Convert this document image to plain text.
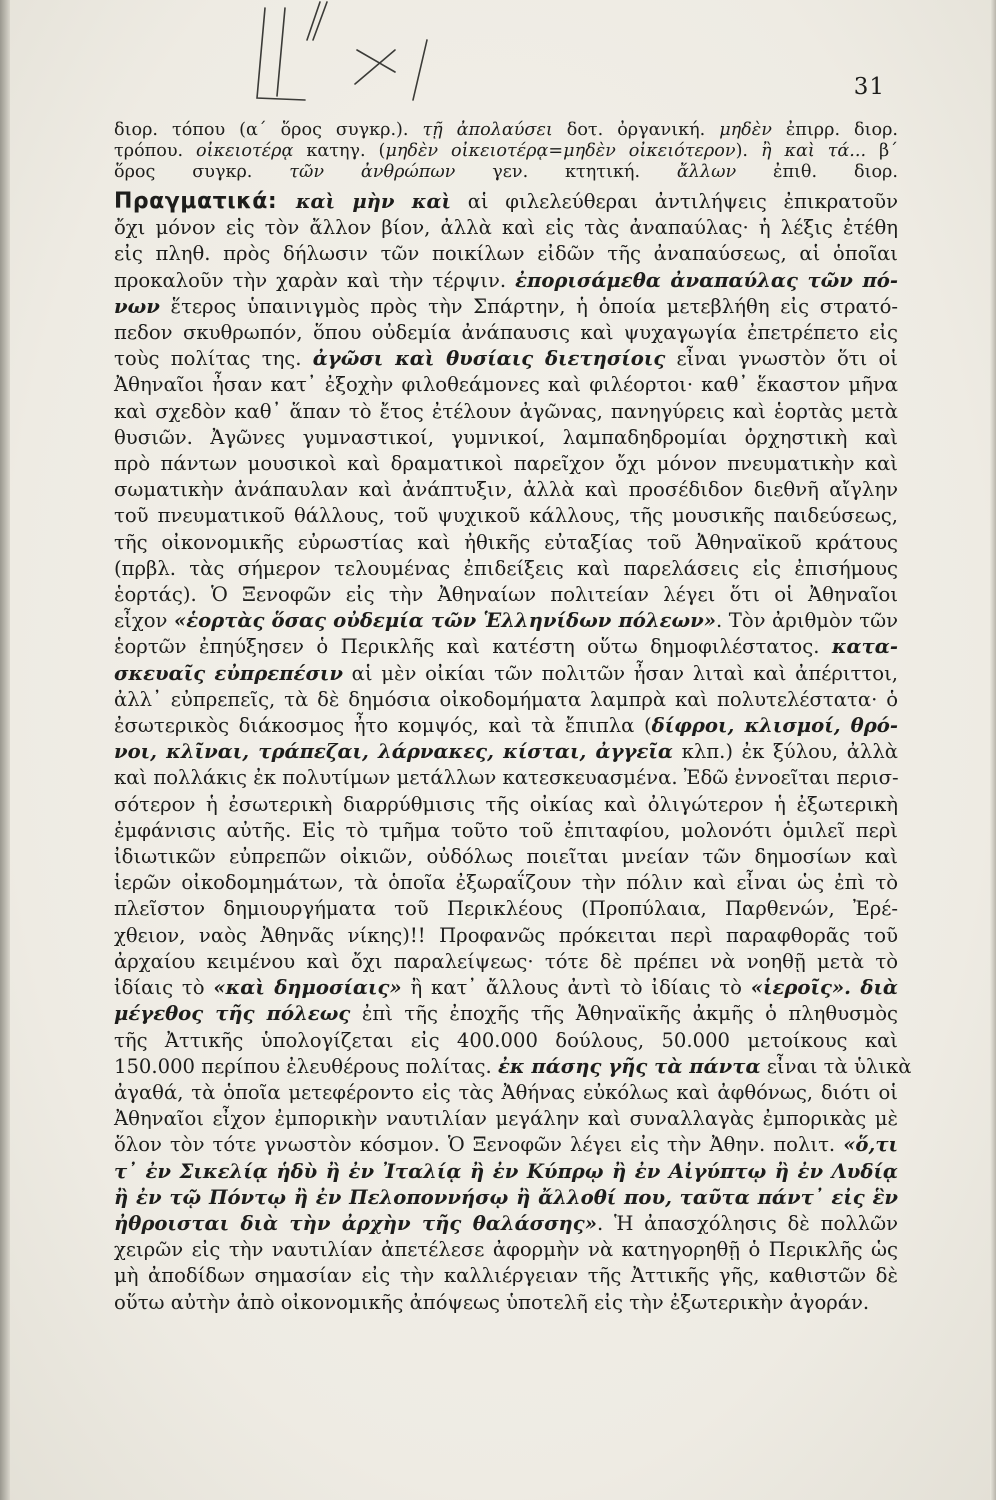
31
διορ. τόπου (α΄ ὅρος συγκρ.). τῇ ἀπολαύσει δοτ. ὀργανική. μηδὲν ἐπιρρ. διορ.
τρόπου. οἰκειοτέρᾳ κατηγ. (μηδὲν οἰκειοτέρᾳ=μηδὲν οἰκειότερον). ἢ καὶ τά... β΄
ὅρος συγκρ. τῶν ἀνθρώπων γεν. κτητική. ἄλλων ἐπιθ. διορ.
Πραγματικά: καὶ μὴν καὶ αἱ φιλελεύθεραι ἀντιλήψεις ἐπικρατοῦν
ὄχι μόνον εἰς τὸν ἄλλον βίον, ἀλλὰ καὶ εἰς τὰς ἀναπαύλας· ἡ λέξις ἐτέθη
εἰς πληθ. πρὸς δήλωσιν τῶν ποικίλων εἰδῶν τῆς ἀναπαύσεως, αἱ ὁποῖαι
προκαλοῦν τὴν χαρὰν καὶ τὴν τέρψιν. ἐπορισάμεθα ἀναπαύλας τῶν πό-
νων ἕτερος ὑπαινιγμὸς πρὸς τὴν Σπάρτην, ἡ ὁποία μετεβλήθη εἰς στρατό-
πεδον σκυθρωπόν, ὅπου οὐδεμία ἀνάπαυσις καὶ ψυχαγωγία ἐπετρέπετο εἰς
τοὺς πολίτας της. ἀγῶσι καὶ θυσίαις διετησίοις εἶναι γνωστὸν ὅτι οἱ
Ἀθηναῖοι ἦσαν κατ᾽ ἐξοχὴν φιλοθεάμονες καὶ φιλέορτοι· καθ᾽ ἕκαστον μῆνα
καὶ σχεδὸν καθ᾽ ἅπαν τὸ ἔτος ἐτέλουν ἀγῶνας, πανηγύρεις καὶ ἑορτὰς μετὰ
θυσιῶν. Ἀγῶνες γυμναστικοί, γυμνικοί, λαμπαδηδρομίαι ὀρχηστικὴ καὶ
πρὸ πάντων μουσικοὶ καὶ δραματικοὶ παρεῖχον ὄχι μόνον πνευματικὴν καὶ
σωματικὴν ἀνάπαυλαν καὶ ἀνάπτυξιν, ἀλλὰ καὶ προσέδιδον διεθνῆ αἴγλην
τοῦ πνευματικοῦ θάλλους, τοῦ ψυχικοῦ κάλλους, τῆς μουσικῆς παιδεύσεως,
τῆς οἰκονομικῆς εὐρωστίας καὶ ἠθικῆς εὐταξίας τοῦ Ἀθηναϊκοῦ κράτους
(πρβλ. τὰς σήμερον τελουμένας ἐπιδείξεις καὶ παρελάσεις εἰς ἐπισήμους
ἑορτάς). Ὁ Ξενοφῶν εἰς τὴν Ἀθηναίων πολιτείαν λέγει ὅτι οἱ Ἀθηναῖοι
εἶχον «ἑορτὰς ὅσας οὐδεμία τῶν Ἑλληνίδων πόλεων». Τὸν ἀριθμὸν τῶν
ἑορτῶν ἐπηύξησεν ὁ Περικλῆς καὶ κατέστη οὕτω δημοφιλέστατος. κατα-
σκευαῖς εὐπρεπέσιν αἱ μὲν οἰκίαι τῶν πολιτῶν ἦσαν λιταὶ καὶ ἀπέριττοι,
ἀλλ᾽ εὐπρεπεῖς, τὰ δὲ δημόσια οἰκοδομήματα λαμπρὰ καὶ πολυτελέστατα· ὁ
ἐσωτερικὸς διάκοσμος ἦτο κομψός, καὶ τὰ ἔπιπλα (δίφροι, κλισμοί, θρό-
νοι, κλῖναι, τράπεζαι, λάρνακες, κίσται, ἀγγεῖα κλπ.) ἐκ ξύλου, ἀλλὰ
καὶ πολλάκις ἐκ πολυτίμων μετάλλων κατεσκευασμένα. Ἐδῶ ἐννοεῖται περισ-
σότερον ἡ ἐσωτερικὴ διαρρύθμισις τῆς οἰκίας καὶ ὀλιγώτερον ἡ ἐξωτερικὴ
ἐμφάνισις αὐτῆς. Εἰς τὸ τμῆμα τοῦτο τοῦ ἐπιταφίου, μολονότι ὁμιλεῖ περὶ
ἰδιωτικῶν εὐπρεπῶν οἰκιῶν, οὐδόλως ποιεῖται μνείαν τῶν δημοσίων καὶ
ἱερῶν οἰκοδομημάτων, τὰ ὁποῖα ἐξωραΐζουν τὴν πόλιν καὶ εἶναι ὡς ἐπὶ τὸ
πλεῖστον δημιουργήματα τοῦ Περικλέους (Προπύλαια, Παρθενών, Ἐρέ-
χθειον, ναὸς Ἀθηνᾶς νίκης)!! Προφανῶς πρόκειται περὶ παραφθορᾶς τοῦ
ἀρχαίου κειμένου καὶ ὄχι παραλείψεως· τότε δὲ πρέπει νὰ νοηθῇ μετὰ τὸ
ἰδίαις τὸ «καὶ δημοσίαις» ἢ κατ᾽ ἄλλους ἀντὶ τὸ ἰδίαις τὸ «ἱεροῖς». διὰ
μέγεθος τῆς πόλεως ἐπὶ τῆς ἐποχῆς τῆς Ἀθηναϊκῆς ἀκμῆς ὁ πληθυσμὸς
τῆς Ἀττικῆς ὑπολογίζεται εἰς 400.000 δούλους, 50.000 μετοίκους καὶ
150.000 περίπου ἐλευθέρους πολίτας. ἐκ πάσης γῆς τὰ πάντα εἶναι τὰ ὑλικὰ
ἀγαθά, τὰ ὁποῖα μετεφέροντο εἰς τὰς Ἀθήνας εὐκόλως καὶ ἀφθόνως, διότι οἱ
Ἀθηναῖοι εἶχον ἐμπορικὴν ναυτιλίαν μεγάλην καὶ συναλλαγὰς ἐμπορικὰς μὲ
ὅλον τὸν τότε γνωστὸν κόσμον. Ὁ Ξενοφῶν λέγει εἰς τὴν Ἀθην. πολιτ. «ὅ,τι
τ᾽ ἐν Σικελίᾳ ἡδὺ ἢ ἐν Ἰταλίᾳ ἢ ἐν Κύπρῳ ἢ ἐν Αἰγύπτῳ ἢ ἐν Λυδίᾳ
ἢ ἐν τῷ Πόντῳ ἢ ἐν Πελοποννήσῳ ἢ ἄλλοθί που, ταῦτα πάντ᾽ εἰς ἓν
ἠθροισται διὰ τὴν ἀρχὴν τῆς θαλάσσης». Ἡ ἀπασχόλησις δὲ πολλῶν
χειρῶν εἰς τὴν ναυτιλίαν ἀπετέλεσε ἀφορμὴν νὰ κατηγορηθῇ ὁ Περικλῆς ὡς
μὴ ἀποδίδων σημασίαν εἰς τὴν καλλιέργειαν τῆς Ἀττικῆς γῆς, καθιστῶν δὲ
οὕτω αὐτὴν ἀπὸ οἰκονομικῆς ἀπόψεως ὑποτελῆ εἰς τὴν ἐξωτερικὴν ἀγοράν.
